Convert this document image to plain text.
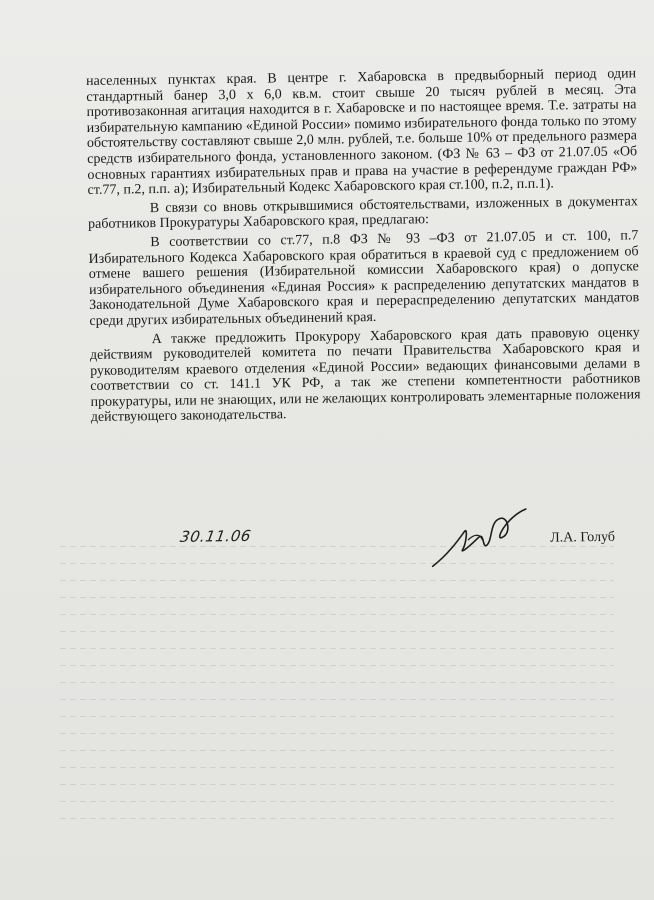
населенных пунктах края. В центре г. Хабаровска в предвыборный период один стандартный банер 3,0 х 6,0 кв.м. стоит свыше 20 тысяч рублей в месяц. Эта противозаконная агитация находится в г. Хабаровске и по настоящее время. Т.е. затраты на избирательную кампанию «Единой России» помимо избирательного фонда только по этому обстоятельству составляют свыше 2,0 млн. рублей, т.е. больше 10% от предельного размера средств избирательного фонда, установленного законом. (ФЗ № 63 – ФЗ от 21.07.05 «Об основных гарантиях избирательных прав и права на участие в референдуме граждан РФ» ст.77, п.2, п.п. а); Избирательный Кодекс Хабаровского края ст.100, п.2, п.п.1).

В связи со вновь открывшимися обстоятельствами, изложенных в документах работников Прокуратуры Хабаровского края, предлагаю:

В соответствии со ст.77, п.8 ФЗ № 93 –ФЗ от 21.07.05 и ст. 100, п.7 Избирательного Кодекса Хабаровского края обратиться в краевой суд с предложением об отмене вашего решения (Избирательной комиссии Хабаровского края) о допуске избирательного объединения «Единая Россия» к распределению депутатских мандатов в Законодательной Думе Хабаровского края и перераспределению депутатских мандатов среди других избирательных объединений края.

А также предложить Прокурору Хабаровского края дать правовую оценку действиям руководителей комитета по печати Правительства Хабаровского края и руководителям краевого отделения «Единой России» ведающих финансовыми делами в соответствии со ст. 141.1 УК РФ, а так же степени компетентности работников прокуратуры, или не знающих, или не желающих контролировать элементарные положения действующего законодательства.

30.11.06	Л.А. Голуб
